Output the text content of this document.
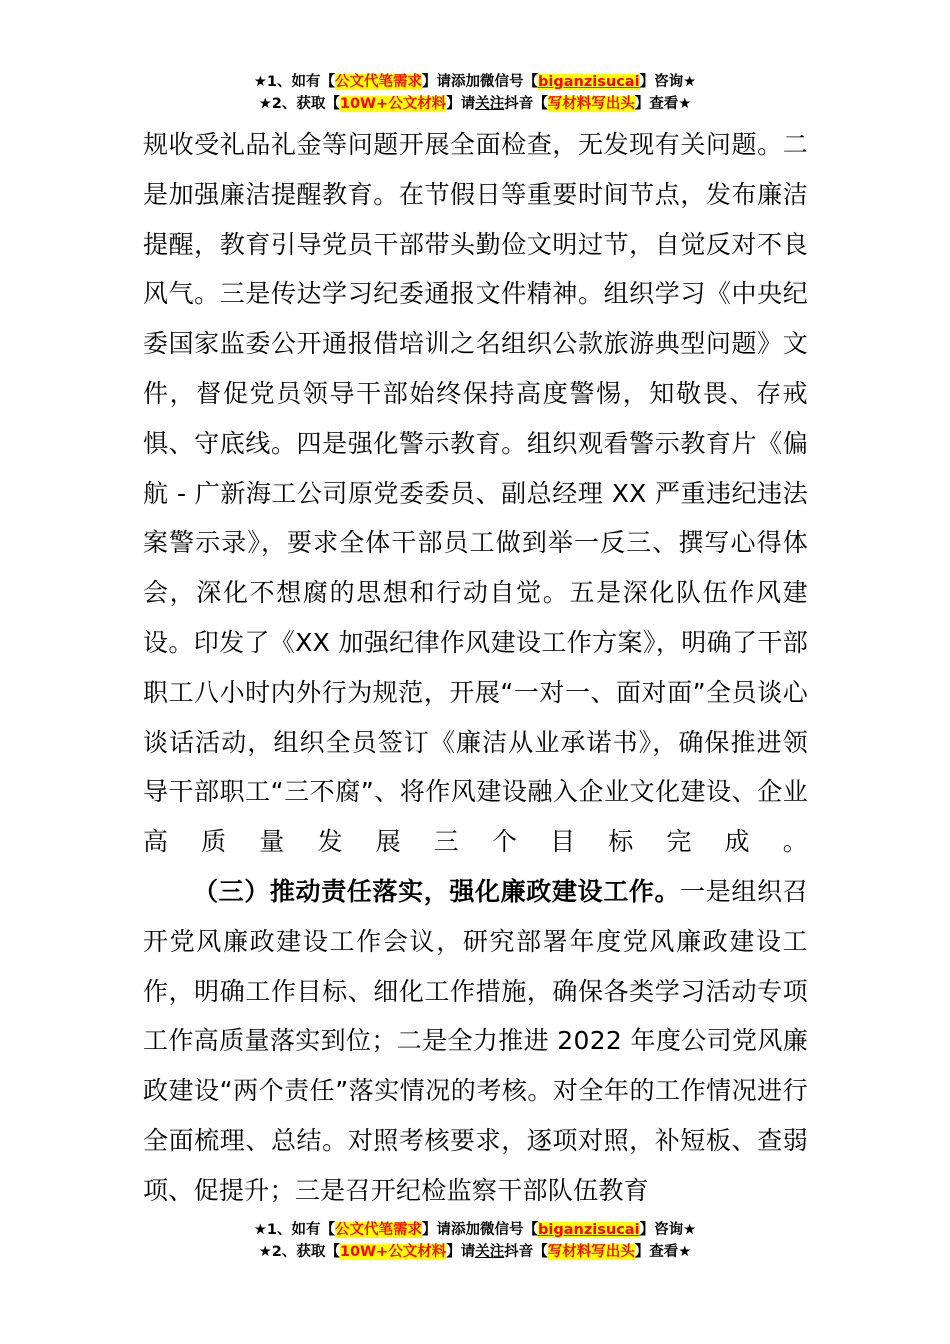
★1、如有【公文代笔需求】请添加微信号【biganzisucai】咨询★
★2、获取【10W+公文材料】请关注抖音【写材料写出头】查看★
规收受礼品礼金等问题开展全面检查，无发现有关问题。二是加强廉洁提醒教育。在节假日等重要时间节点，发布廉洁提醒，教育引导党员干部带头勤俭文明过节，自觉反对不良风气。三是传达学习纪委通报文件精神。组织学习《中央纪委国家监委公开通报借培训之名组织公款旅游典型问题》文件，督促党员领导干部始终保持高度警惕，知敬畏、存戒惧、守底线。四是强化警示教育。组织观看警示教育片《偏航 - 广新海工公司原党委委员、副总经理 XX 严重违纪违法案警示录》，要求全体干部员工做到举一反三、撰写心得体会，深化不想腐的思想和行动自觉。五是深化队伍作风建设。印发了《XX 加强纪律作风建设工作方案》，明确了干部职工八小时内外行为规范，开展“一对一、面对面”全员谈心谈话活动，组织全员签订《廉洁从业承诺书》，确保推进领导干部职工“三不腐”、将作风建设融入企业文化建设、企业高质量发展三个目标完成。
（三）推动责任落实，强化廉政建设工作。一是组织召开党风廉政建设工作会议，研究部署年度党风廉政建设工作，明确工作目标、细化工作措施，确保各类学习活动专项工作高质量落实到位；二是全力推进 2022 年度公司党风廉政建设“两个责任”落实情况的考核。对全年的工作情况进行全面梳理、总结。对照考核要求，逐项对照，补短板、查弱项、促提升；三是召开纪检监察干部队伍教育
★1、如有【公文代笔需求】请添加微信号【biganzisucai】咨询★
★2、获取【10W+公文材料】请关注抖音【写材料写出头】查看★
